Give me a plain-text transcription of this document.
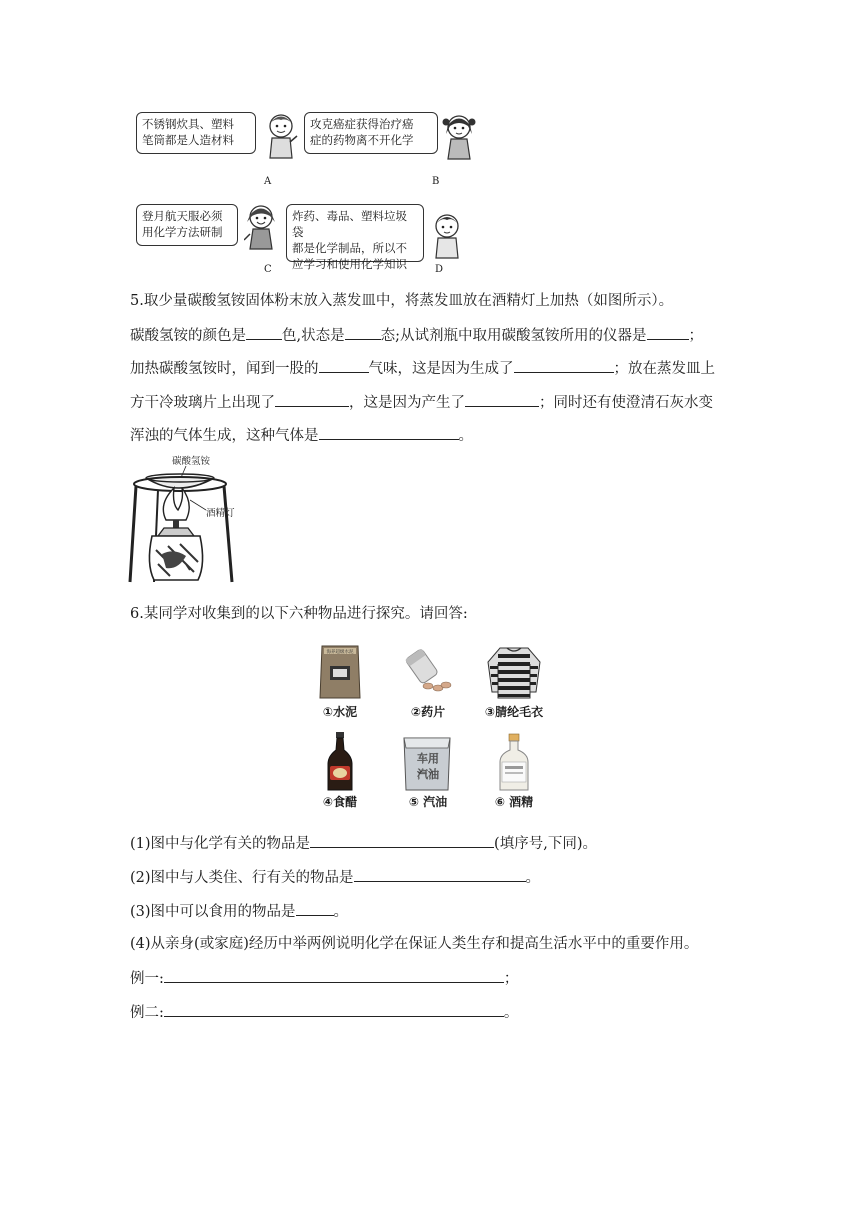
不锈钢炊具、塑料
笔筒都是人造材料
A
攻克癌症获得治疗癌
症的药物离不开化学
B
登月航天服必须
用化学方法研制
C
炸药、毒品、塑料垃圾袋
都是化学制品，所以不
应学习和使用化学知识	D
5.取少量碳酸氢铵固体粉末放入蒸发皿中，将蒸发皿放在酒精灯上加热（如图所示）。
碳酸氢铵的颜色是 色,状态是 态;从试剂瓶中取用碳酸氢铵所用的仪器是	；
加热碳酸氢铵时，闻到一股的	气味，这是因为生成了	；放在蒸发皿上
方干冷玻璃片上出现了	，这是因为产生了	；同时还有使澄清石灰水变
浑浊的气体生成，这种气体是	。
碳酸氢铵
酒精灯
6.某同学对收集到的以下六种物品进行探究。请回答:
海养超级水泥
①水泥	②药片	③腈纶毛衣
④食醋
车用
汽油
⑤ 汽油	⑥ 酒精
(1)图中与化学有关的物品是	(填序号,下同)。
(2)图中与人类住、行有关的物品是	。
(3)图中可以食用的物品是	。
(4)从亲身(或家庭)经历中举两例说明化学在保证人类生存和提高生活水平中的重要作用。
例一:	；
例二:	。
